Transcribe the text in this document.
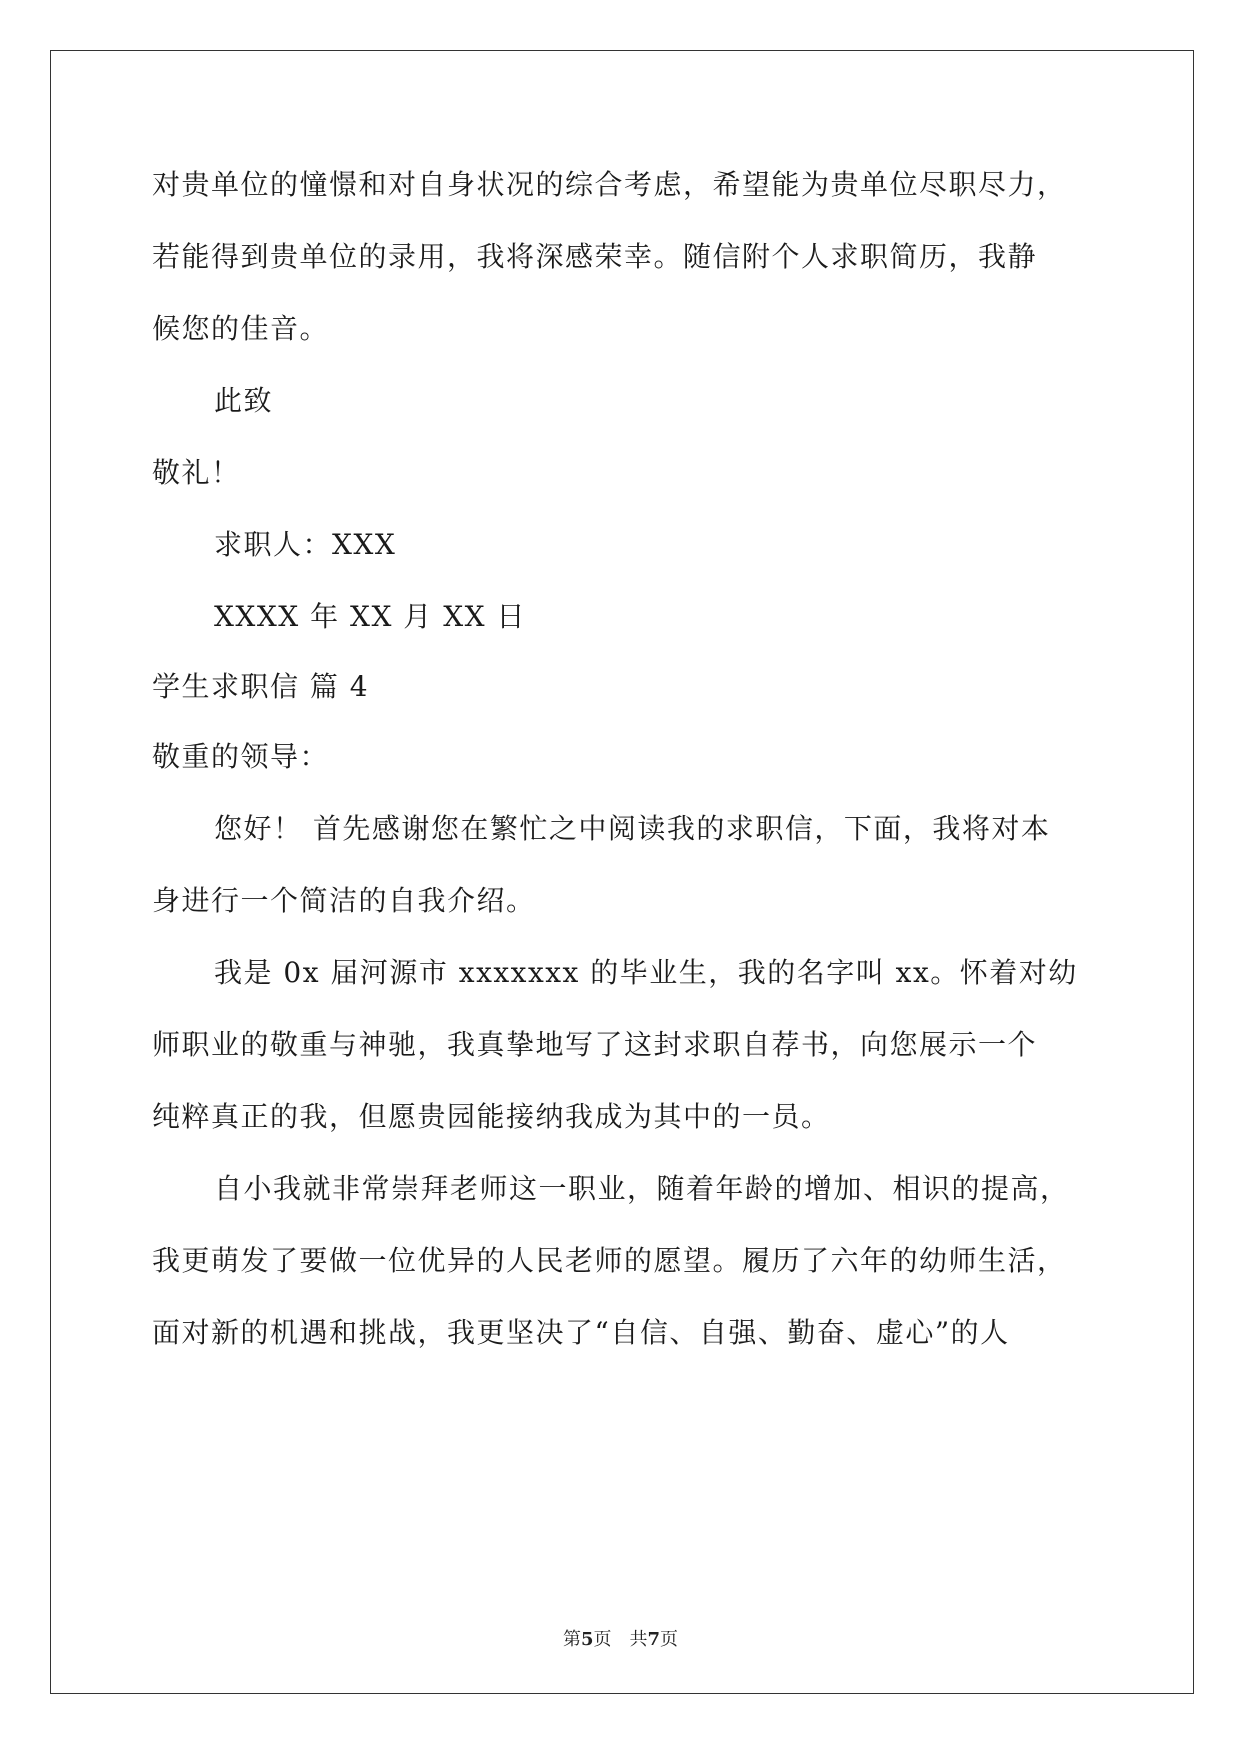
对贵单位的憧憬和对自身状况的综合考虑，希望能为贵单位尽职尽力，
若能得到贵单位的录用，我将深感荣幸。随信附个人求职简历，我静
候您的佳音。
此致
敬礼！
求职人：XXX
XXXX 年 XX 月 XX 日
学生求职信 篇 4
敬重的领导：
您好！ 首先感谢您在繁忙之中阅读我的求职信，下面，我将对本
身进行一个简洁的自我介绍。
我是 0x 届河源市 xxxxxxx 的毕业生，我的名字叫 xx。怀着对幼
师职业的敬重与神驰，我真挚地写了这封求职自荐书，向您展示一个
纯粹真正的我，但愿贵园能接纳我成为其中的一员。
自小我就非常崇拜老师这一职业，随着年龄的增加、相识的提高，
我更萌发了要做一位优异的人民老师的愿望。履历了六年的幼师生活，
面对新的机遇和挑战，我更坚决了“自信、自强、勤奋、虚心”的人
第5页　共7页
